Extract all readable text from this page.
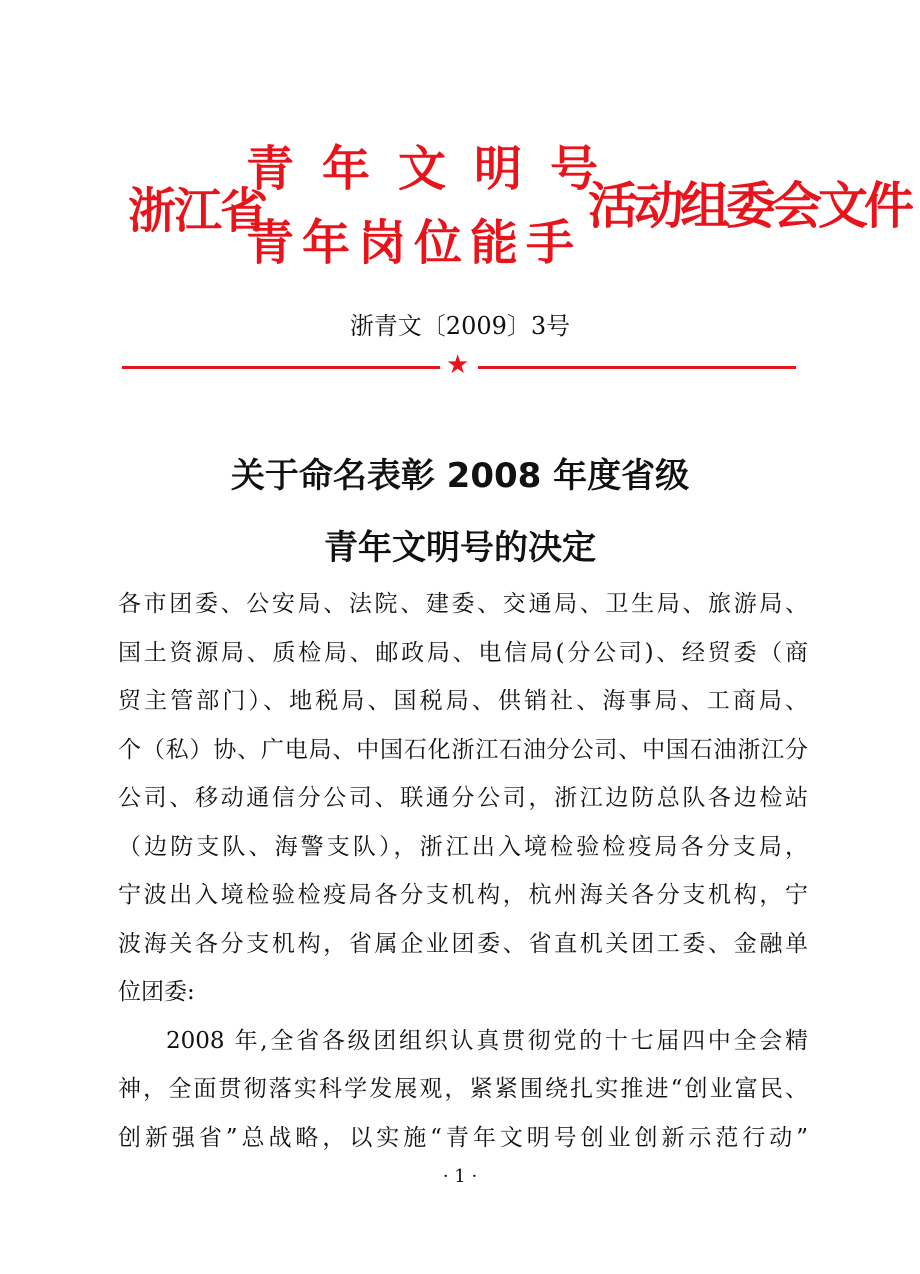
浙江省
青年文明号
青年岗位能手
活动组委会文件
浙青文〔2009〕3号
★
关于命名表彰 2008 年度省级
青年文明号的决定
各市团委、公安局、法院、建委、交通局、卫生局、旅游局、
国土资源局、质检局、邮政局、电信局(分公司)、经贸委（商
贸主管部门）、地税局、国税局、供销社、海事局、工商局、
个（私）协、广电局、中国石化浙江石油分公司、中国石油浙江分
公司、移动通信分公司、联通分公司，浙江边防总队各边检站
（边防支队、海警支队），浙江出入境检验检疫局各分支局，
宁波出入境检验检疫局各分支机构，杭州海关各分支机构，宁
波海关各分支机构，省属企业团委、省直机关团工委、金融单
位团委:
2008 年,全省各级团组织认真贯彻党的十七届四中全会精
神，全面贯彻落实科学发展观，紧紧围绕扎实推进“创业富民、
创新强省”总战略，以实施“青年文明号创业创新示范行动”
· 1 ·
